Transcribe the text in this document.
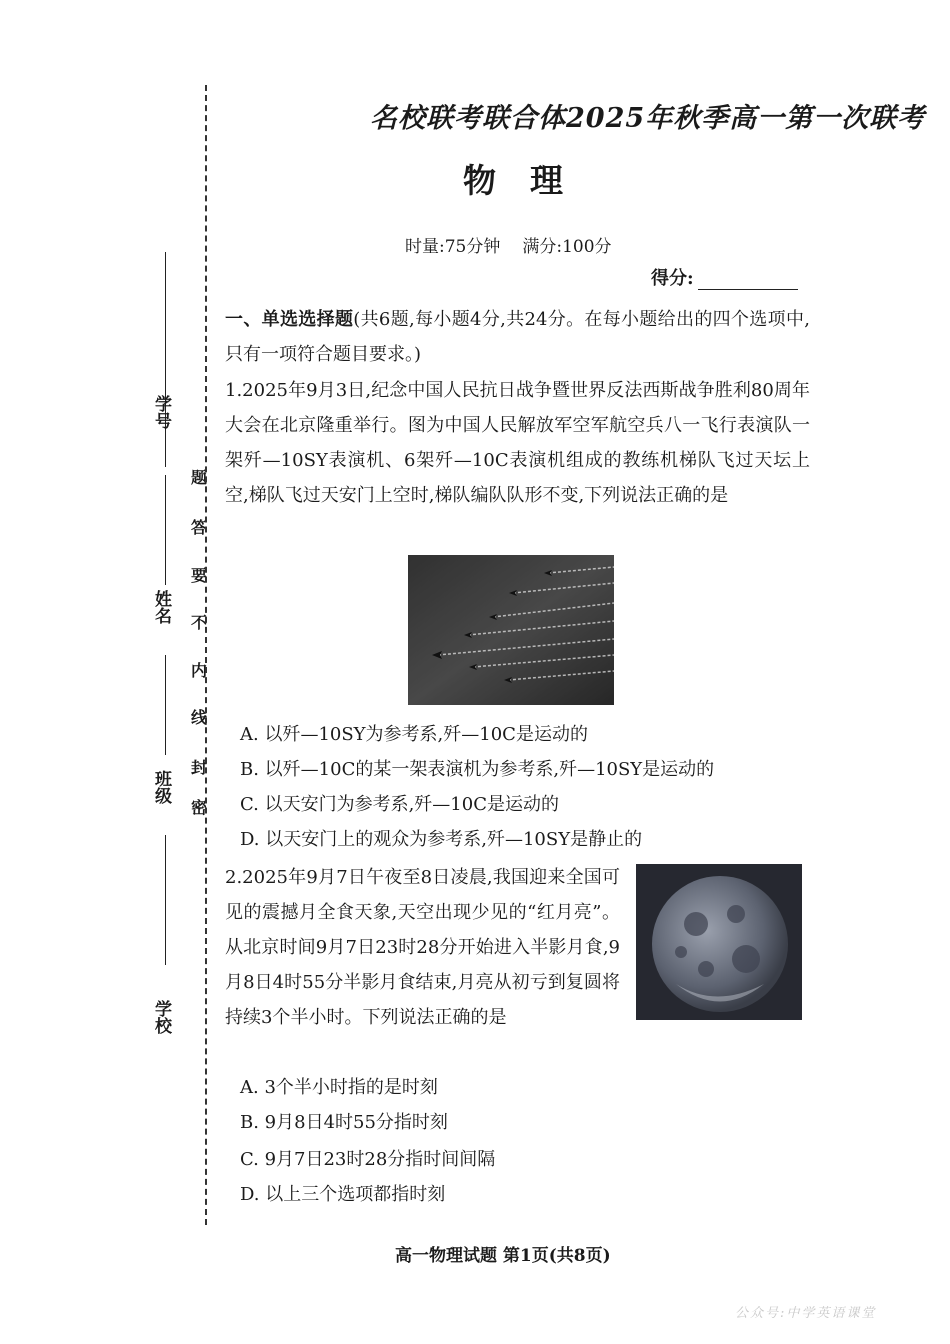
学号
姓名
班级
学校
密
封
线
内
不
要
答
题
名校联考联合体2025年秋季高一第一次联考
物理
时量:75分钟 满分:100分
得分:
一、单选选择题(共6题,每小题4分,共24分。在每小题给出的四个选项中,只有一项符合题目要求。)
1.2025年9月3日,纪念中国人民抗日战争暨世界反法西斯战争胜利80周年大会在北京隆重举行。图为中国人民解放军空军航空兵八一飞行表演队一架歼—10SY表演机、6架歼—10C表演机组成的教练机梯队飞过天坛上空,梯队飞过天安门上空时,梯队编队队形不变,下列说法正确的是
A. 以歼—10SY为参考系,歼—10C是运动的
B. 以歼—10C的某一架表演机为参考系,歼—10SY是运动的
C. 以天安门为参考系,歼—10C是运动的
D. 以天安门上的观众为参考系,歼—10SY是静止的
2.2025年9月7日午夜至8日凌晨,我国迎来全国可见的震撼月全食天象,天空出现少见的“红月亮”。从北京时间9月7日23时28分开始进入半影月食,9月8日4时55分半影月食结束,月亮从初亏到复圆将持续3个半小时。下列说法正确的是
A. 3个半小时指的是时刻
B. 9月8日4时55分指时刻
C. 9月7日23时28分指时间间隔
D. 以上三个选项都指时刻
高一物理试题 第1页(共8页)
公众号:中学英语课堂
